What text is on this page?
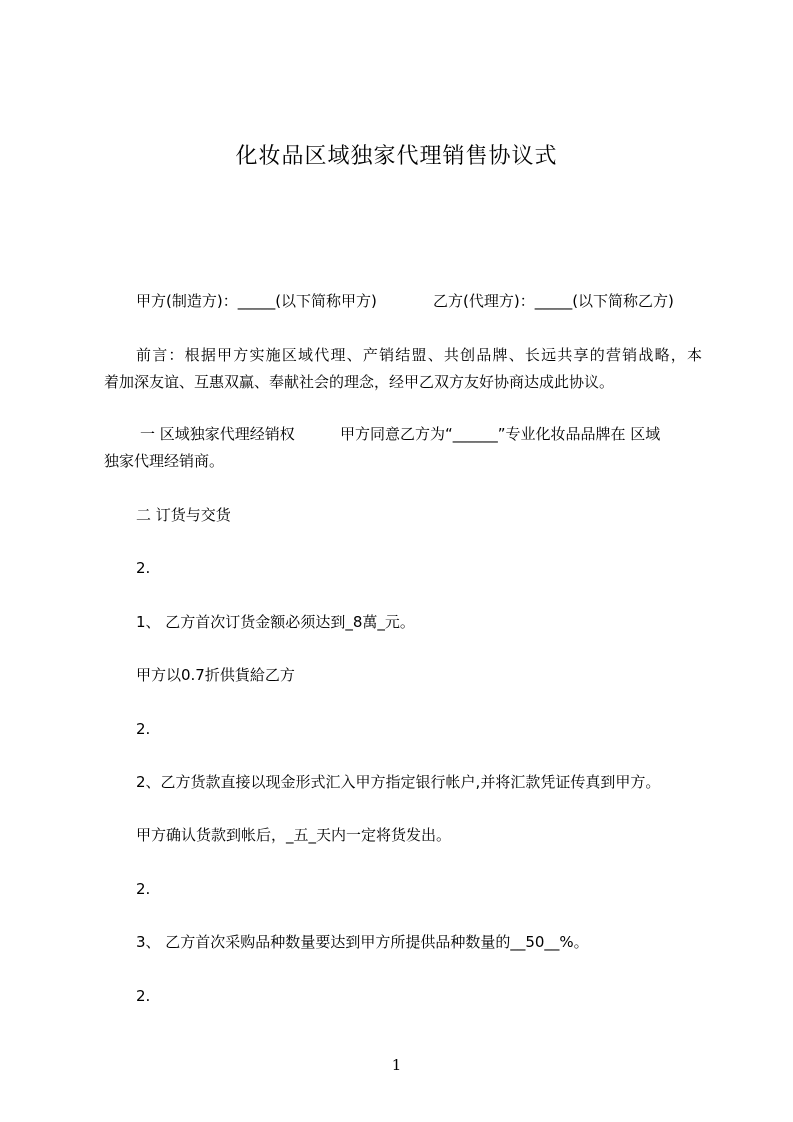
化妆品区域独家代理销售协议式
甲方(制造方)：_____(以下简称甲方)	乙方(代理方)：_____(以下简称乙方)
前言：根据甲方实施区域代理、产销结盟、共创品牌、长远共享的营销战略，本
着加深友谊、互惠双赢、奉献社会的理念，经甲乙双方友好协商达成此协议。
一 区域独家代理经销权	甲方同意乙方为“______”专业化妆品品牌在 区域
独家代理经销商。
二 订货与交货
2.
1、 乙方首次订货金额必须达到_8萬_元。
甲方以0.7折供貨給乙方
2.
2、乙方货款直接以现金形式汇入甲方指定银行帐户,并将汇款凭证传真到甲方。
甲方确认货款到帐后，_五_天内一定将货发出。
2.
3、 乙方首次采购品种数量要达到甲方所提供品种数量的__50__%。
2.
1
